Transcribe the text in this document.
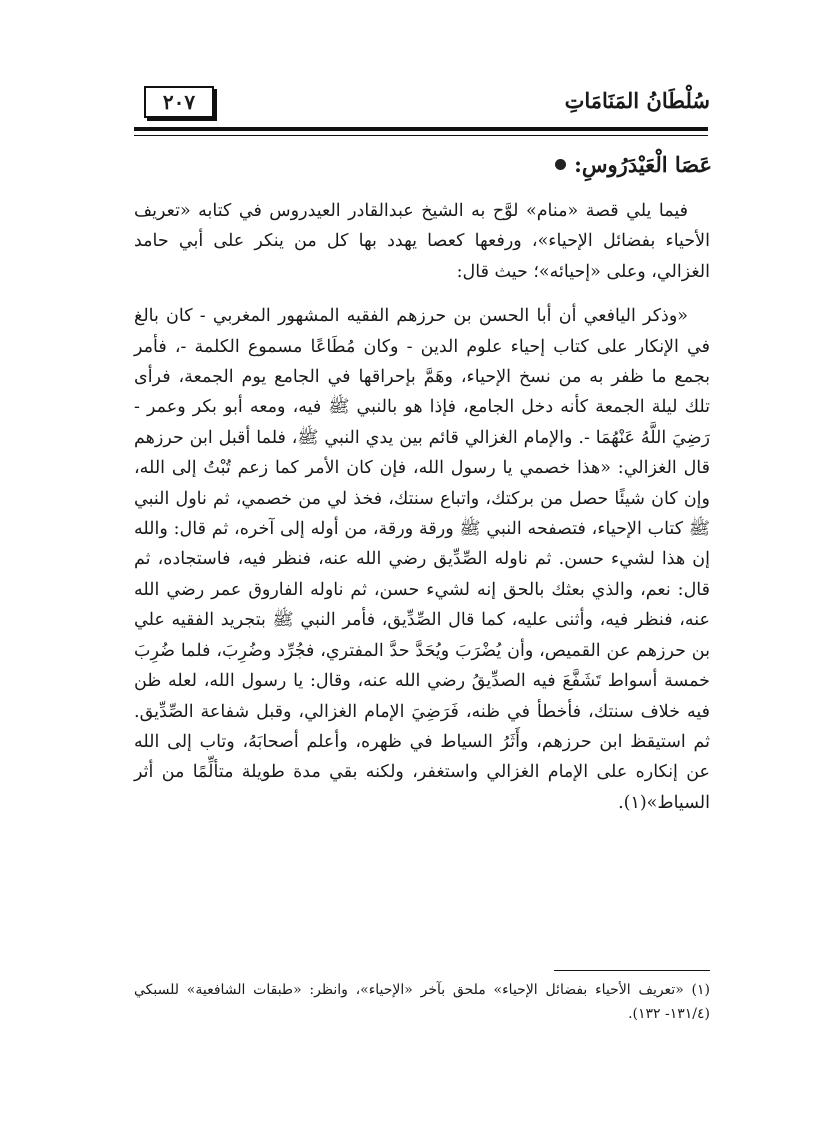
٢٠٧	سُلْطَانُ المَنَامَاتِ
عَصَا الْعَيْدَرُوسِ:

فيما يلي قصة «منام» لوَّح به الشيخ عبدالقادر العيدروس في كتابه «تعريف الأحياء بفضائل الإحياء»، ورفعها كعصا يهدد بها كل من ينكر على أبي حامد الغزالي، وعلى «إحيائه»؛ حيث قال:

«وذكر اليافعي أن أبا الحسن بن حرزهم الفقيه المشهور المغربي - كان بالغ في الإنكار على كتاب إحياء علوم الدين - وكان مُطَاعًا مسموع الكلمة -، فأمر بجمع ما ظفر به من نسخ الإحياء، وهَمَّ بإحراقها في الجامع يوم الجمعة، فرأى تلك ليلة الجمعة كأنه دخل الجامع، فإذا هو بالنبي ﷺ فيه، ومعه أبو بكر وعمر - رَضِيَ اللَّهُ عَنْهُمَا -. والإمام الغزالي قائم بين يدي النبي ﷺ، فلما أقبل ابن حرزهم قال الغزالي: «هذا خصمي يا رسول الله، فإن كان الأمر كما زعم تُبْتُ إلى الله، وإن كان شيئًا حصل من بركتك، واتباع سنتك، فخذ لي من خصمي، ثم ناول النبي ﷺ كتاب الإحياء، فتصفحه النبي ﷺ ورقة ورقة، من أوله إلى آخره، ثم قال: والله إن هذا لشيء حسن. ثم ناوله الصِّدِّيق رضي الله عنه، فنظر فيه، فاستجاده، ثم قال: نعم، والذي بعثك بالحق إنه لشيء حسن، ثم ناوله الفاروق عمر رضي الله عنه، فنظر فيه، وأثنى عليه، كما قال الصِّدِّيق، فأمر النبي ﷺ بتجريد الفقيه علي بن حرزهم عن القميص، وأن يُضْرَبَ ويُحَدَّ حدَّ المفتري، فجُرِّد وضُرِبَ، فلما ضُرِبَ خمسة أسواط تَشَفَّعَ فيه الصدِّيقُ رضي الله عنه، وقال: يا رسول الله، لعله ظن فيه خلاف سنتك، فأخطأ في ظنه، فَرَضِيَ الإمام الغزالي، وقبل شفاعة الصِّدِّيق. ثم استيقظ ابن حرزهم، وأَثَرُ السياط في ظهره، وأعلم أصحابَهُ، وتاب إلى الله عن إنكاره على الإمام الغزالي واستغفر، ولكنه بقي مدة طويلة متألِّمًا من أثر السياط»(١).

(١) «تعريف الأحياء بفضائل الإحياء» ملحق بآخر «الإحياء»، وانظر: «طبقات الشافعية» للسبكي (١٣١/٤- ١٣٢).
